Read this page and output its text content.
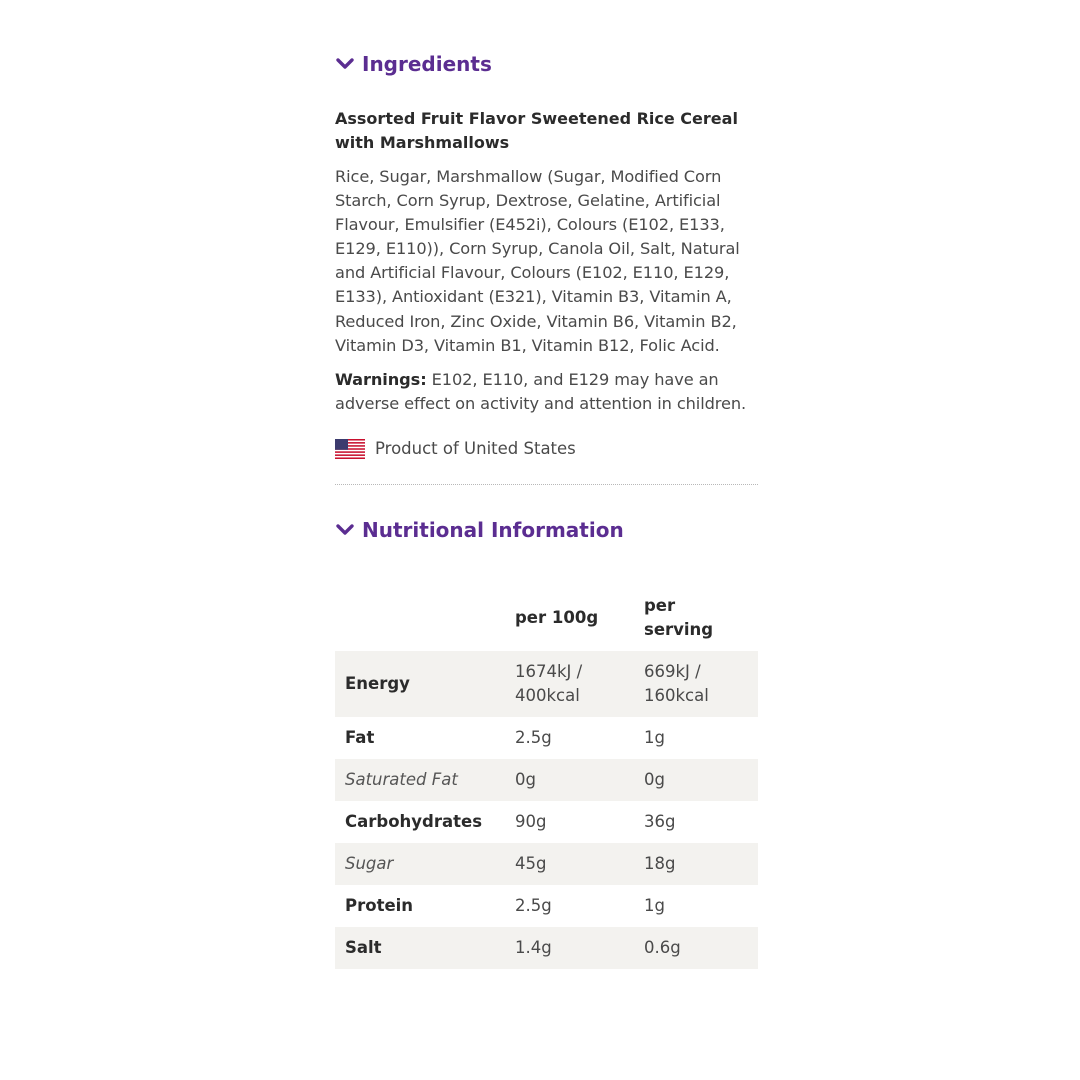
Ingredients
Assorted Fruit Flavor Sweetened Rice Cereal with Marshmallows
Rice, Sugar, Marshmallow (Sugar, Modified Corn Starch, Corn Syrup, Dextrose, Gelatine, Artificial Flavour, Emulsifier (E452i), Colours (E102, E133, E129, E110)), Corn Syrup, Canola Oil, Salt, Natural and Artificial Flavour, Colours (E102, E110, E129, E133), Antioxidant (E321), Vitamin B3, Vitamin A, Reduced Iron, Zinc Oxide, Vitamin B6, Vitamin B2, Vitamin D3, Vitamin B1, Vitamin B12, Folic Acid.
Warnings: E102, E110, and E129 may have an adverse effect on activity and attention in children.
Product of United States
Nutritional Information
	per 100g	per serving
Energy	1674kJ / 400kcal	669kJ / 160kcal
Fat	2.5g	1g
Saturated Fat	0g	0g
Carbohydrates	90g	36g
Sugar	45g	18g
Protein	2.5g	1g
Salt	1.4g	0.6g
